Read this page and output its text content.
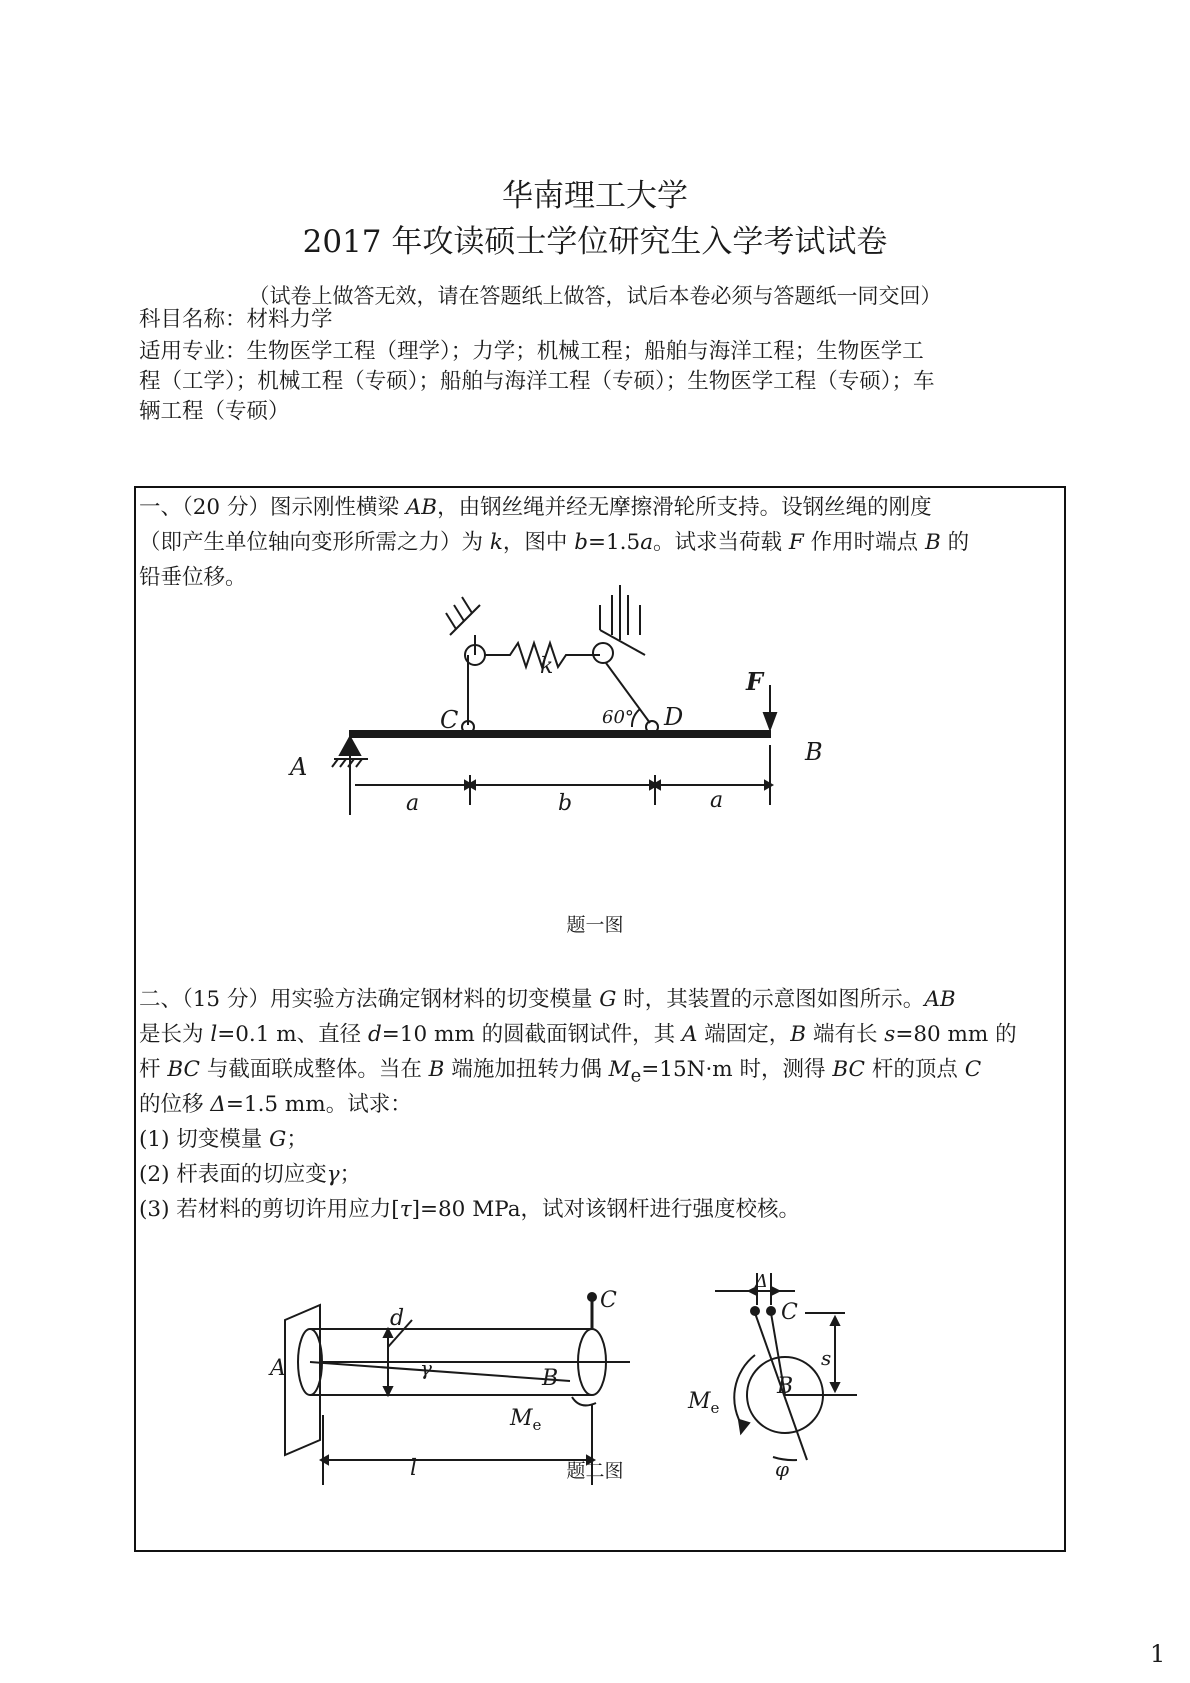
华南理工大学
2017 年攻读硕士学位研究生入学考试试卷
（试卷上做答无效，请在答题纸上做答，试后本卷必须与答题纸一同交回）
科目名称：材料力学
适用专业：生物医学工程（理学）；力学；机械工程；船舶与海洋工程；生物医学工
程（工学）；机械工程（专硕）；船舶与海洋工程（专硕）；生物医学工程（专硕）；车
辆工程（专硕）
一、（20 分）图示刚性横梁 AB，由钢丝绳并经无摩擦滑轮所支持。设钢丝绳的刚度
（即产生单位轴向变形所需之力）为 k，图中 b=1.5a。试求当荷载 F 作用时端点 B 的
铅垂位移。
A
B
C	D
F
k
60°
a	b	a
题一图
二、（15 分）用实验方法确定钢材料的切变模量 G 时，其装置的示意图如图所示。AB
是长为 l=0.1 m、直径 d=10 mm 的圆截面钢试件，其 A 端固定，B 端有长 s=80 mm 的
杆 BC 与截面联成整体。当在 B 端施加扭转力偶 $M_e=15N\cdot m$ 时，测得 BC 杆的顶点 C
的位移 Δ=1.5 mm。试求：
(1) 切变模量 G；
(2) 杆表面的切应变γ；
(3) 若材料的剪切许用应力[τ]=80 MPa，试对该钢杆进行强度校核。
C
d
γ
A	B
$M_e$
l
C
Δ
s
B
$M_e$
φ
题二图
1
